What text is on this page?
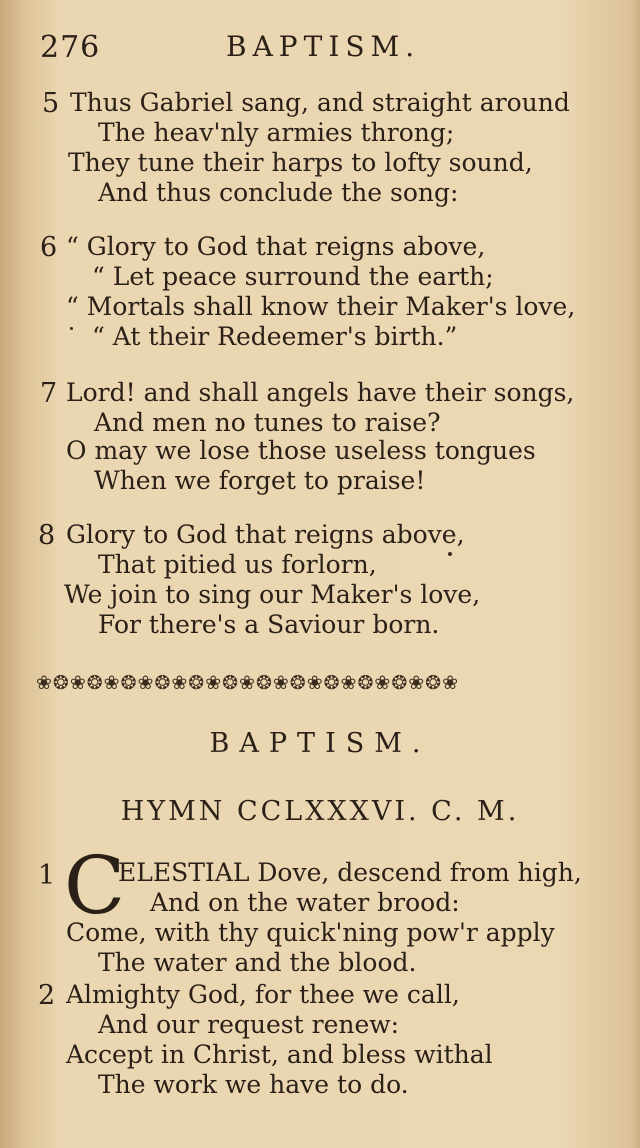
276	BAPTISM.
5 Thus Gabriel sang, and straight around
The heav'nly armies throng;
They tune their harps to lofty sound,
And thus conclude the song:
6 “ Glory to God that reigns above,
“ Let peace surround the earth;
“ Mortals shall know their Maker's love,
“ At their Redeemer's birth.”
7 Lord! and shall angels have their songs,
And men no tunes to raise?
O may we lose those useless tongues
When we forget to praise!
8 Glory to God that reigns above,
That pitied us forlorn,
We join to sing our Maker's love,
For there's a Saviour born.
❀❂❀❂❀❂❀❂❀❂❀❂❀❂❀❂❀❂❀❂❀❂❀❂❀
BAPTISM.
HYMN CCLXXXVI. C. M.
1 C
ELESTIAL Dove, descend from high,
And on the water brood:
Come, with thy quick'ning pow'r apply
The water and the blood.
2 Almighty God, for thee we call,
And our request renew:
Accept in Christ, and bless withal
The work we have to do.
